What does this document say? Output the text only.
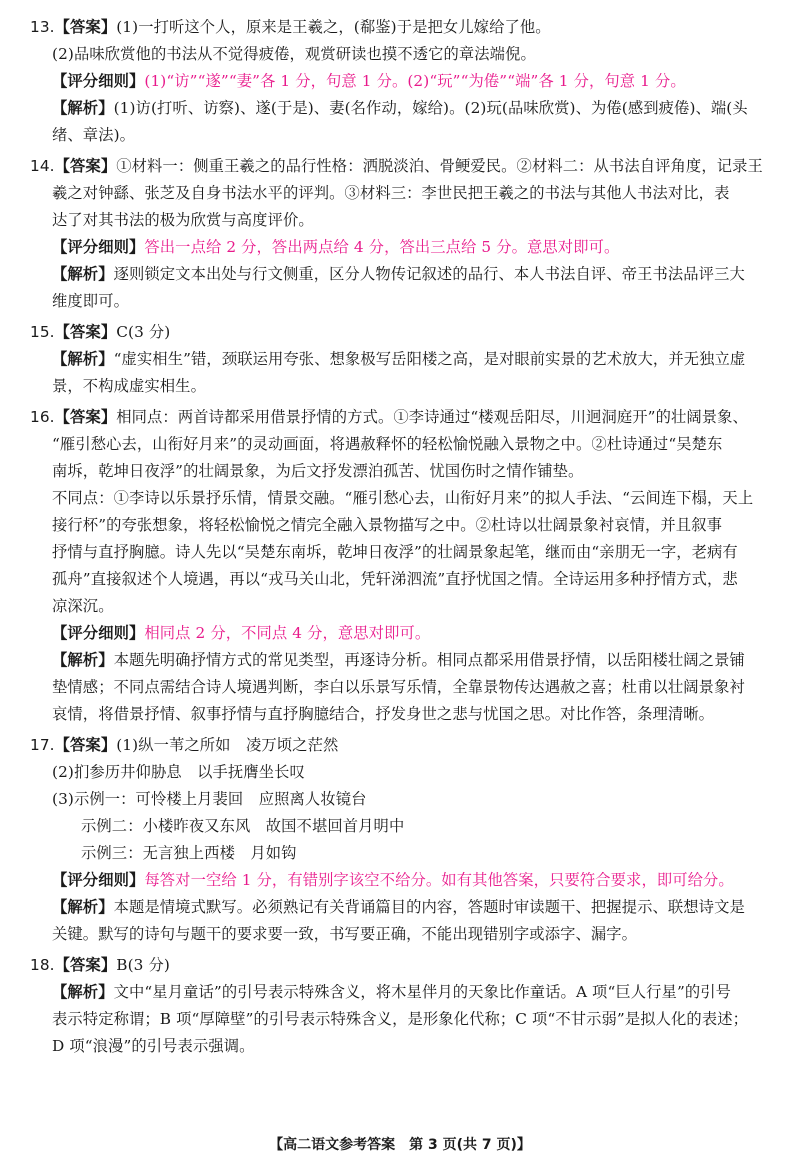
13.【答案】(1)一打听这个人，原来是王羲之，(郗鉴)于是把女儿嫁给了他。

(2)品味欣赏他的书法从不觉得疲倦，观赏研读也摸不透它的章法端倪。

【评分细则】(1)“访”“遂”“妻”各 1 分，句意 1 分。(2)“玩”“为倦”“端”各 1 分，句意 1 分。

【解析】(1)访(打听、访察)、遂(于是)、妻(名作动，嫁给)。(2)玩(品味欣赏)、为倦(感到疲倦)、端(头

绪、章法)。

14.【答案】①材料一：侧重王羲之的品行性格：洒脱淡泊、骨鲠爱民。②材料二：从书法自评角度，记录王

羲之对钟繇、张芝及自身书法水平的评判。③材料三：李世民把王羲之的书法与其他人书法对比，表

达了对其书法的极为欣赏与高度评价。

【评分细则】答出一点给 2 分，答出两点给 4 分，答出三点给 5 分。意思对即可。

【解析】逐则锁定文本出处与行文侧重，区分人物传记叙述的品行、本人书法自评、帝王书法品评三大

维度即可。

15.【答案】C(3 分)

【解析】“虚实相生”错，颈联运用夸张、想象极写岳阳楼之高，是对眼前实景的艺术放大，并无独立虚

景，不构成虚实相生。

16.【答案】相同点：两首诗都采用借景抒情的方式。①李诗通过“楼观岳阳尽，川迥洞庭开”的壮阔景象、

“雁引愁心去，山衔好月来”的灵动画面，将遇赦释怀的轻松愉悦融入景物之中。②杜诗通过“吴楚东

南坼，乾坤日夜浮”的壮阔景象，为后文抒发漂泊孤苦、忧国伤时之情作铺垫。

不同点：①李诗以乐景抒乐情，情景交融。“雁引愁心去，山衔好月来”的拟人手法、“云间连下榻，天上

接行杯”的夸张想象，将轻松愉悦之情完全融入景物描写之中。②杜诗以壮阔景象衬哀情，并且叙事

抒情与直抒胸臆。诗人先以“吴楚东南坼，乾坤日夜浮”的壮阔景象起笔，继而由“亲朋无一字，老病有

孤舟”直接叙述个人境遇，再以“戎马关山北，凭轩涕泗流”直抒忧国之情。全诗运用多种抒情方式，悲

凉深沉。

【评分细则】相同点 2 分，不同点 4 分，意思对即可。

【解析】本题先明确抒情方式的常见类型，再逐诗分析。相同点都采用借景抒情，以岳阳楼壮阔之景铺

垫情感；不同点需结合诗人境遇判断，李白以乐景写乐情，全靠景物传达遇赦之喜；杜甫以壮阔景象衬

哀情，将借景抒情、叙事抒情与直抒胸臆结合，抒发身世之悲与忧国之思。对比作答，条理清晰。

17.【答案】(1)纵一苇之所如　凌万顷之茫然

(2)扪参历井仰胁息　以手抚膺坐长叹

(3)示例一：可怜楼上月裴回　应照离人妆镜台

示例二：小楼昨夜又东风　故国不堪回首月明中

示例三：无言独上西楼　月如钩

【评分细则】每答对一空给 1 分，有错别字该空不给分。如有其他答案，只要符合要求，即可给分。

【解析】本题是情境式默写。必须熟记有关背诵篇目的内容，答题时审读题干、把握提示、联想诗文是

关键。默写的诗句与题干的要求要一致，书写要正确，不能出现错别字或添字、漏字。

18.【答案】B(3 分)

【解析】文中“星月童话”的引号表示特殊含义，将木星伴月的天象比作童话。A 项“巨人行星”的引号

表示特定称谓；B 项“厚障壁”的引号表示特殊含义，是形象化代称；C 项“不甘示弱”是拟人化的表述；

D 项“浪漫”的引号表示强调。

【高二语文参考答案　第 3 页(共 7 页)】
